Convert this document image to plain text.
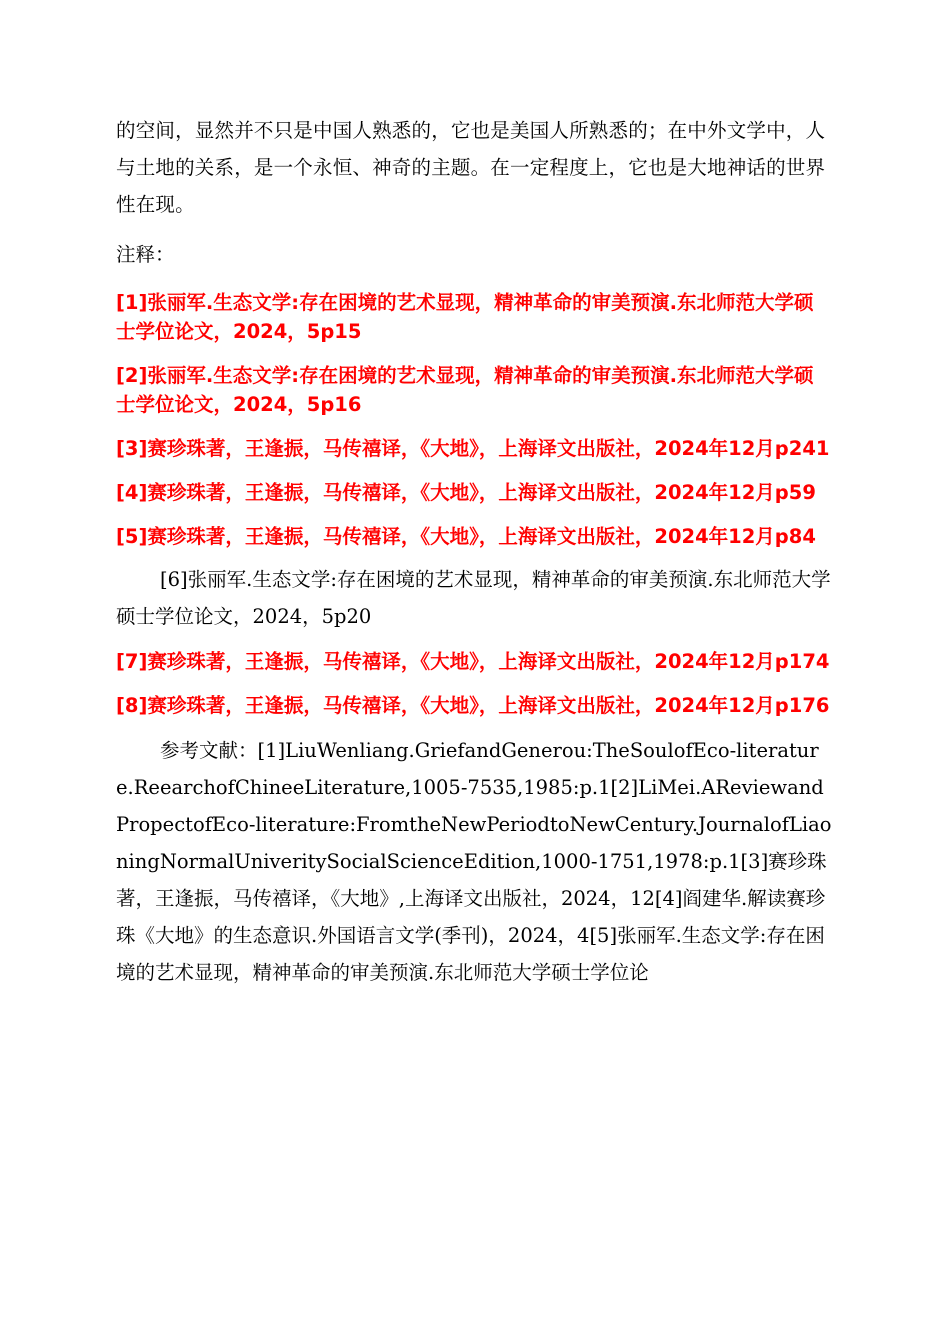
的空间，显然并不只是中国人熟悉的，它也是美国人所熟悉的；在中外文学中，人与土地的关系，是一个永恒、神奇的主题。在一定程度上，它也是大地神话的世界性在现。

注释：

[1]张丽军.生态文学:存在困境的艺术显现，精神革命的审美预演.东北师范大学硕士学位论文，2024，5p15

[2]张丽军.生态文学:存在困境的艺术显现，精神革命的审美预演.东北师范大学硕士学位论文，2024，5p16

[3]赛珍珠著，王逢振，马传禧译，《大地》，上海译文出版社，2024年12月p241

[4]赛珍珠著，王逢振，马传禧译，《大地》，上海译文出版社，2024年12月p59

[5]赛珍珠著，王逢振，马传禧译，《大地》，上海译文出版社，2024年12月p84

[6]张丽军.生态文学:存在困境的艺术显现，精神革命的审美预演.东北师范大学硕士学位论文，2024，5p20

[7]赛珍珠著，王逢振，马传禧译，《大地》，上海译文出版社，2024年12月p174

[8]赛珍珠著，王逢振，马传禧译，《大地》，上海译文出版社，2024年12月p176

参考文献：[1]LiuWenliang.GriefandGenerou:TheSoulofEco-literature.ReearchofChineeLiterature,1005-7535,1985:p.1[2]LiMei.AReviewandPropectofEco-literature:FromtheNewPeriodtoNewCentury.JournalofLiaoningNormalUniveritySocialScienceEdition,1000-1751,1978:p.1[3]赛珍珠著，王逢振，马传禧译，《大地》,上海译文出版社，2024，12[4]阎建华.解读赛珍珠《大地》的生态意识.外国语言文学(季刊)，2024，4[5]张丽军.生态文学:存在困境的艺术显现，精神革命的审美预演.东北师范大学硕士学位论
